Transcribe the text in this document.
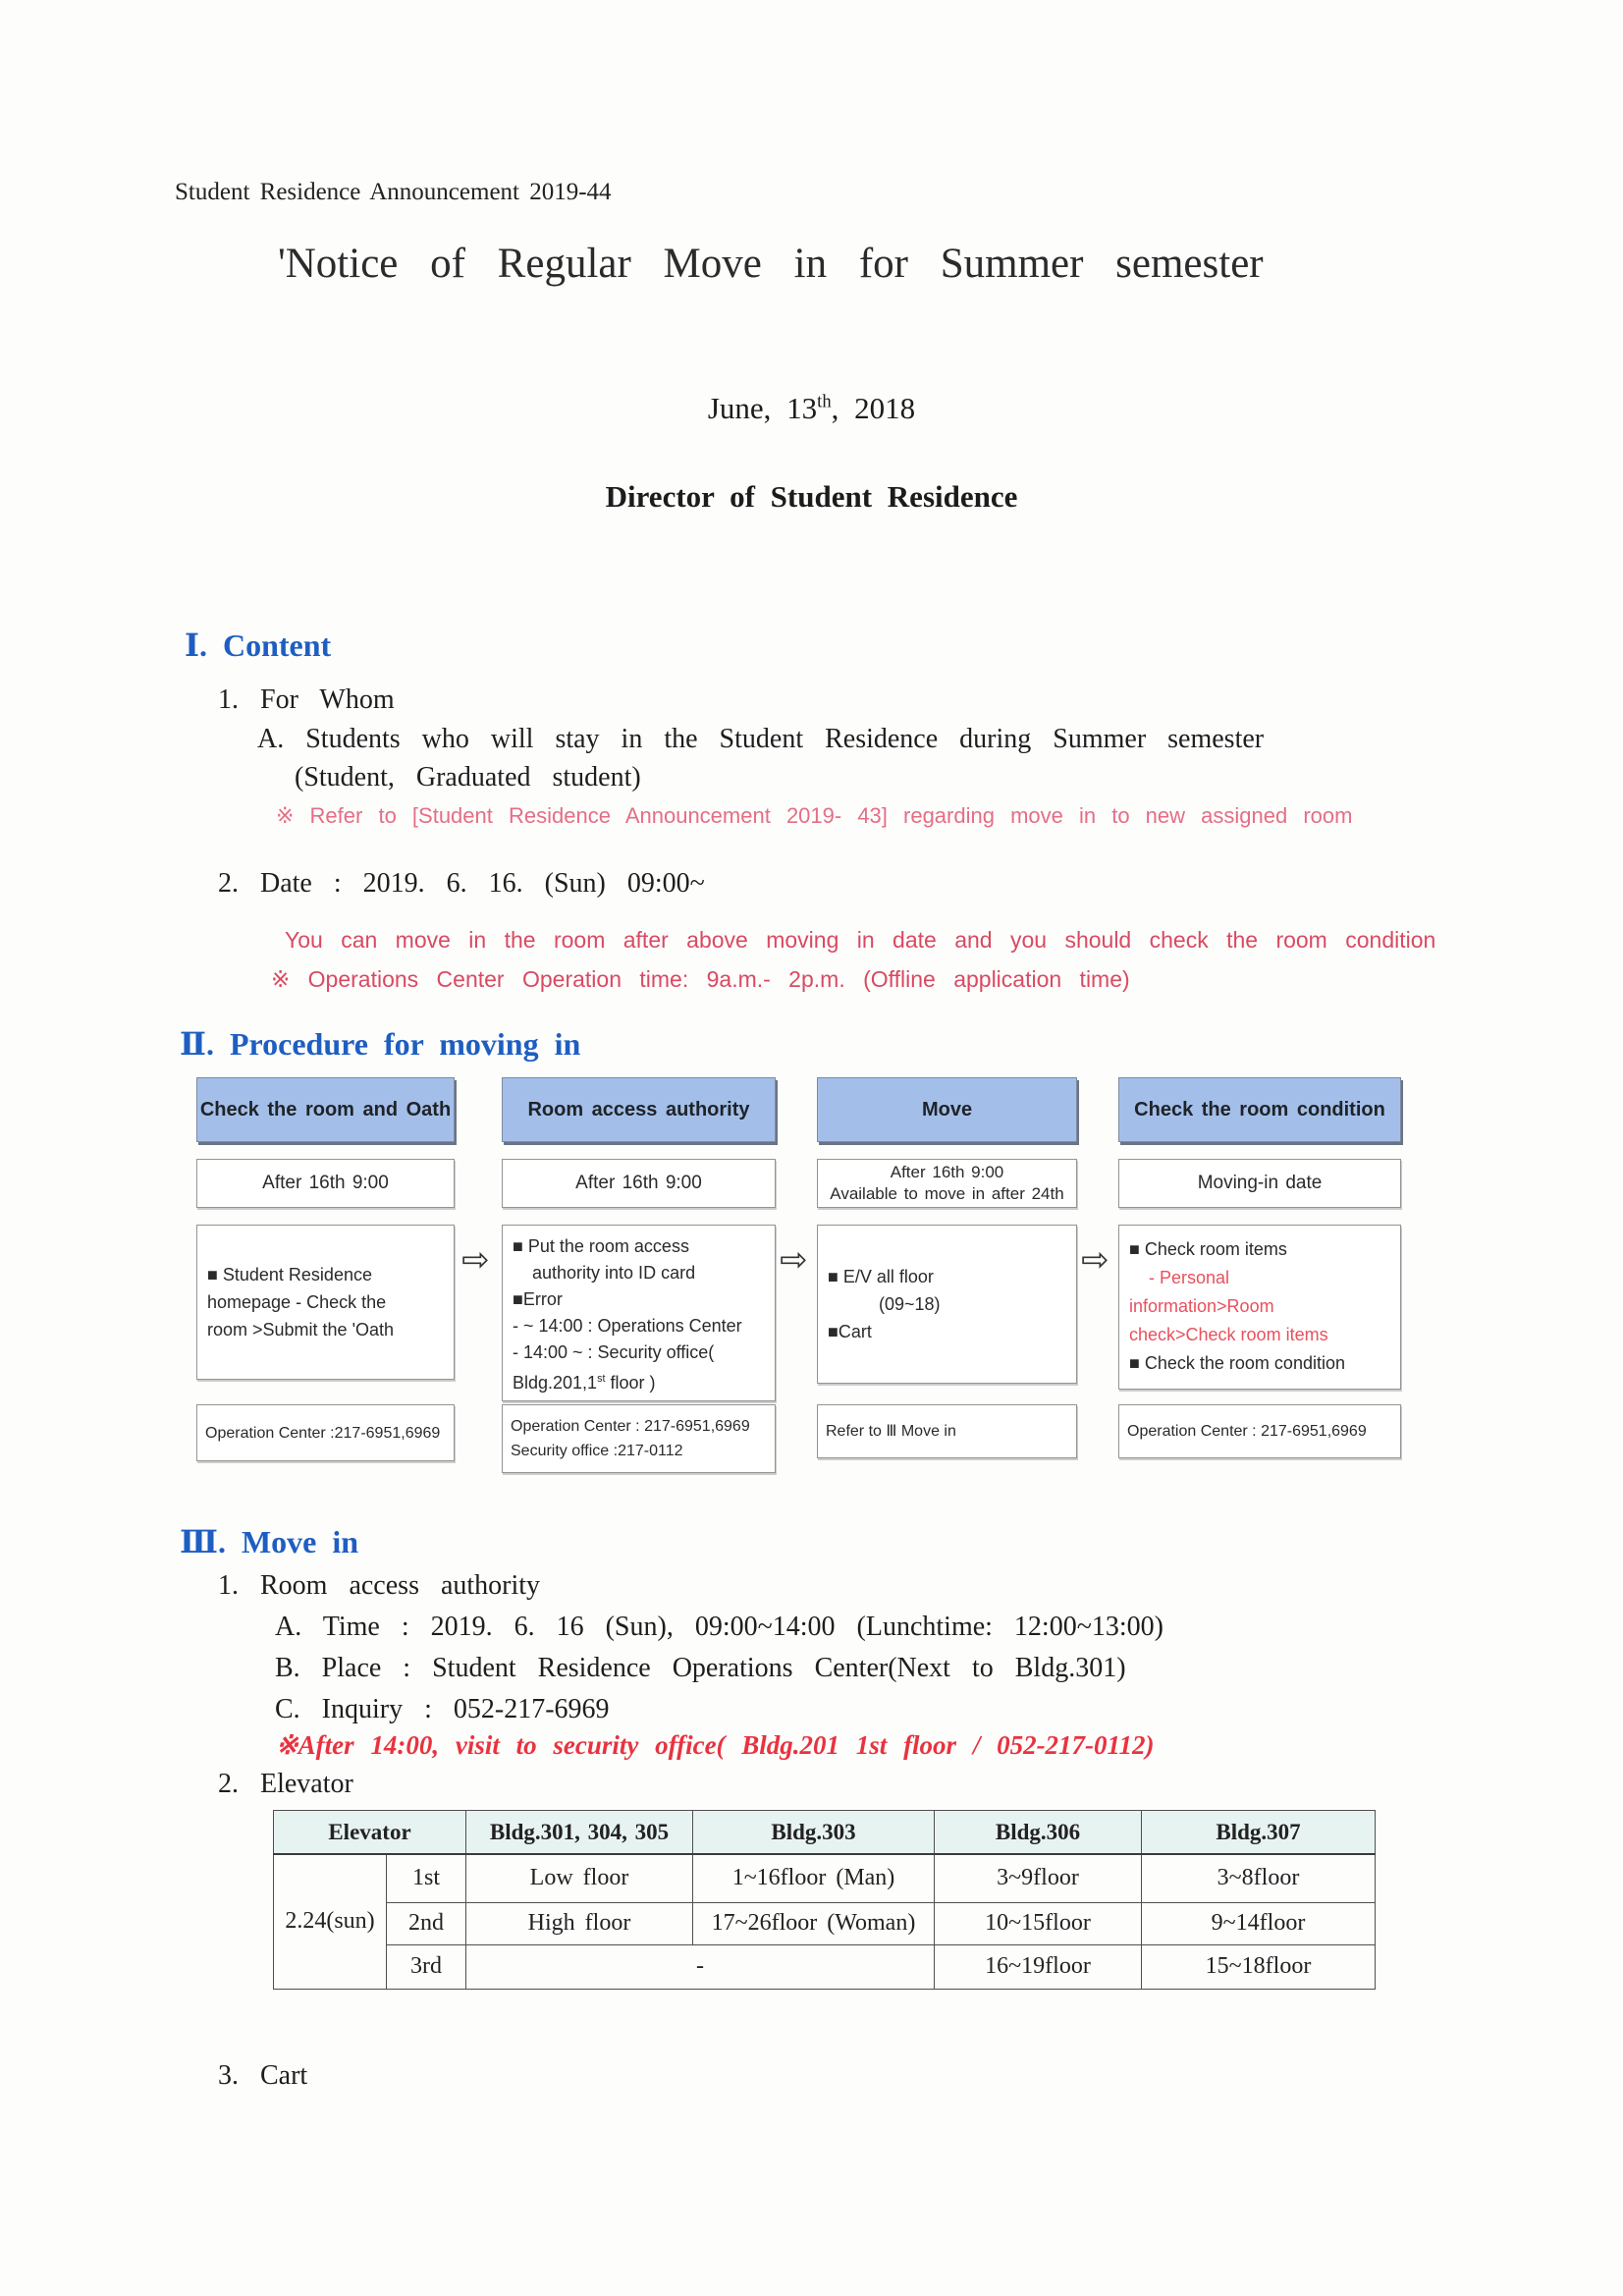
Student Residence Announcement 2019-44
'Notice of Regular Move in for Summer semester
June, 13th, 2018
Director of Student Residence
Ⅰ. Content
1. For Whom
A. Students who will stay in the Student Residence during Summer semester
(Student, Graduated student)
※ Refer to [Student Residence Announcement 2019- 43] regarding move in to new assigned room
2. Date : 2019. 6. 16. (Sun) 09:00~
You can move in the room after above moving in date and you should check the room condition
※ Operations Center Operation time: 9a.m.- 2p.m. (Offline application time)
Ⅱ. Procedure for moving in
Check the room and Oath
After 16th 9:00
■ Student Residence
homepage - Check the
room >Submit the 'Oath
Operation Center :217-6951,6969
Room access authority
After 16th 9:00
■ Put the room access
authority into ID card
■Error
- ~ 14:00 : Operations Center
- 14:00 ~ : Security office(
Bldg.201,1st floor )
Operation Center : 217-6951,6969
Security office :217-0112
Move
After 16th 9:00
Available to move in after 24th
■ E/V all floor
(09~18)
■Cart
Refer to Ⅲ Move in
Check the room condition
Moving-in date
■ Check room items
- Personal
information>Room
check>Check room items
■ Check the room condition
Operation Center : 217-6951,6969
⇨	⇨	⇨
Ⅲ. Move in
1. Room access authority
A. Time : 2019. 6. 16 (Sun), 09:00~14:00 (Lunchtime: 12:00~13:00)
B. Place : Student Residence Operations Center(Next to Bldg.301)
C. Inquiry : 052-217-6969
※After 14:00, visit to security office( Bldg.201 1st floor / 052-217-0112)
2. Elevator
Elevator		Bldg.301, 304, 305	Bldg.303	Bldg.306	Bldg.307
2.24(sun)	1st	Low floor	1~16floor (Man)	3~9floor	3~8floor
	2nd	High floor	17~26floor (Woman)	10~15floor	9~14floor
	3rd	-		16~19floor	15~18floor
3. Cart
